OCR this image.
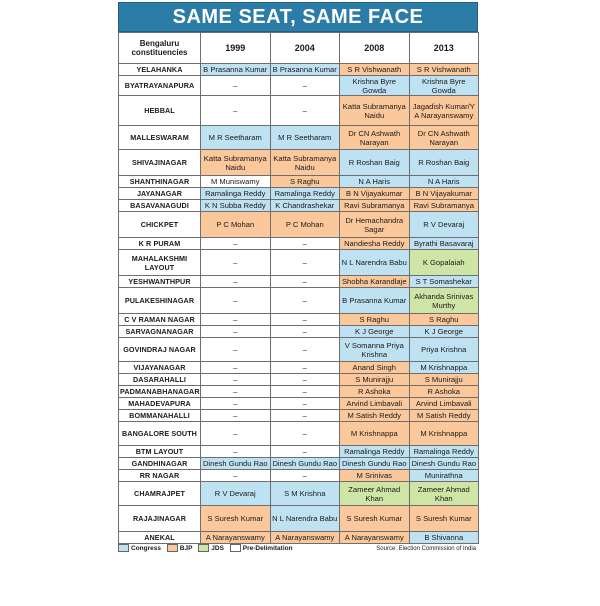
SAME SEAT, SAME FACE
Bengaluru constituencies	1999	2004	2008	2013
YELAHANKA	B Prasanna Kumar	B Prasanna Kumar	S R Vishwanath	S R Vishwanath
BYATRAYANAPURA	–	–	Krishna Byre Gowda	Krishna Byre Gowda
HEBBAL	–	–	Katta Subramanya Naidu	Jagadish Kumar/Y A Narayanswamy
MALLESWARAM	M R Seetharam	M R Seetharam	Dr CN Ashwath Narayan	Dr CN Ashwath Narayan
SHIVAJINAGAR	Katta Subramanya Naidu	Katta Subramanya Naidu	R Roshan Baig	R Roshan Baig
SHANTHINAGAR	M Muniswamy	S Raghu	N A Haris	N A Haris
JAYANAGAR	Ramalinga Reddy	Ramalinga Reddy	B N Vijayakumar	B N Vijayakumar
BASAVANAGUDI	K N Subba Reddy	K Chandrashekar	Ravi Subramanya	Ravi Subramanya
CHICKPET	P C Mohan	P C Mohan	Dr Hemachandra Sagar	R V Devaraj
K R PURAM	–	–	Nandiesha Reddy	Byrathi Basavaraj
MAHALAKSHMI LAYOUT	–	–	N L Narendra Babu	K Gopalaiah
YESHWANTHPUR	–	–	Shobha Karandlaje	S T Somashekar
PULAKESHINAGAR	–	–	B Prasanna Kumar	Akhanda Srinivas Murthy
C V RAMAN NAGAR	–	–	S Raghu	S Raghu
SARVAGNANAGAR	–	–	K J George	K J George
GOVINDRAJ NAGAR	–	–	V Somanna Priya Krishna	Priya Krishna
VIJAYANAGAR	–	–	Anand Singh	M Krishnappa
DASARAHALLI	–	–	S Munirajju	S Munirajju
PADMANABHANAGAR	–	–	R Ashoka	R Ashoka
MAHADEVAPURA	–	–	Arvind Limbavali	Arvind Limbavali
BOMMANAHALLI	–	–	M Satish Reddy	M Satish Reddy
BANGALORE SOUTH	–	–	M Krishnappa	M Krishnappa
BTM LAYOUT	–	–	Ramalinga Reddy	Ramalinga Reddy
GANDHINAGAR	Dinesh Gundu Rao	Dinesh Gundu Rao	Dinesh Gundu Rao	Dinesh Gundu Rao
RR NAGAR	–	–	M Srinivas	Munirathna
CHAMRAJPET	R V Devaraj	S M Krishna	Zameer Ahmad Khan	Zameer Ahmad Khan
RAJAJINAGAR	S Suresh Kumar	N L Narendra Babu	S Suresh Kumar	S Suresh Kumar
ANEKAL	A Narayanswamy	A Narayanswamy	A Narayanswamy	B Shivanna
Congress	BJP	JDS	Pre-Delimitation	Source: Election Commission of India
